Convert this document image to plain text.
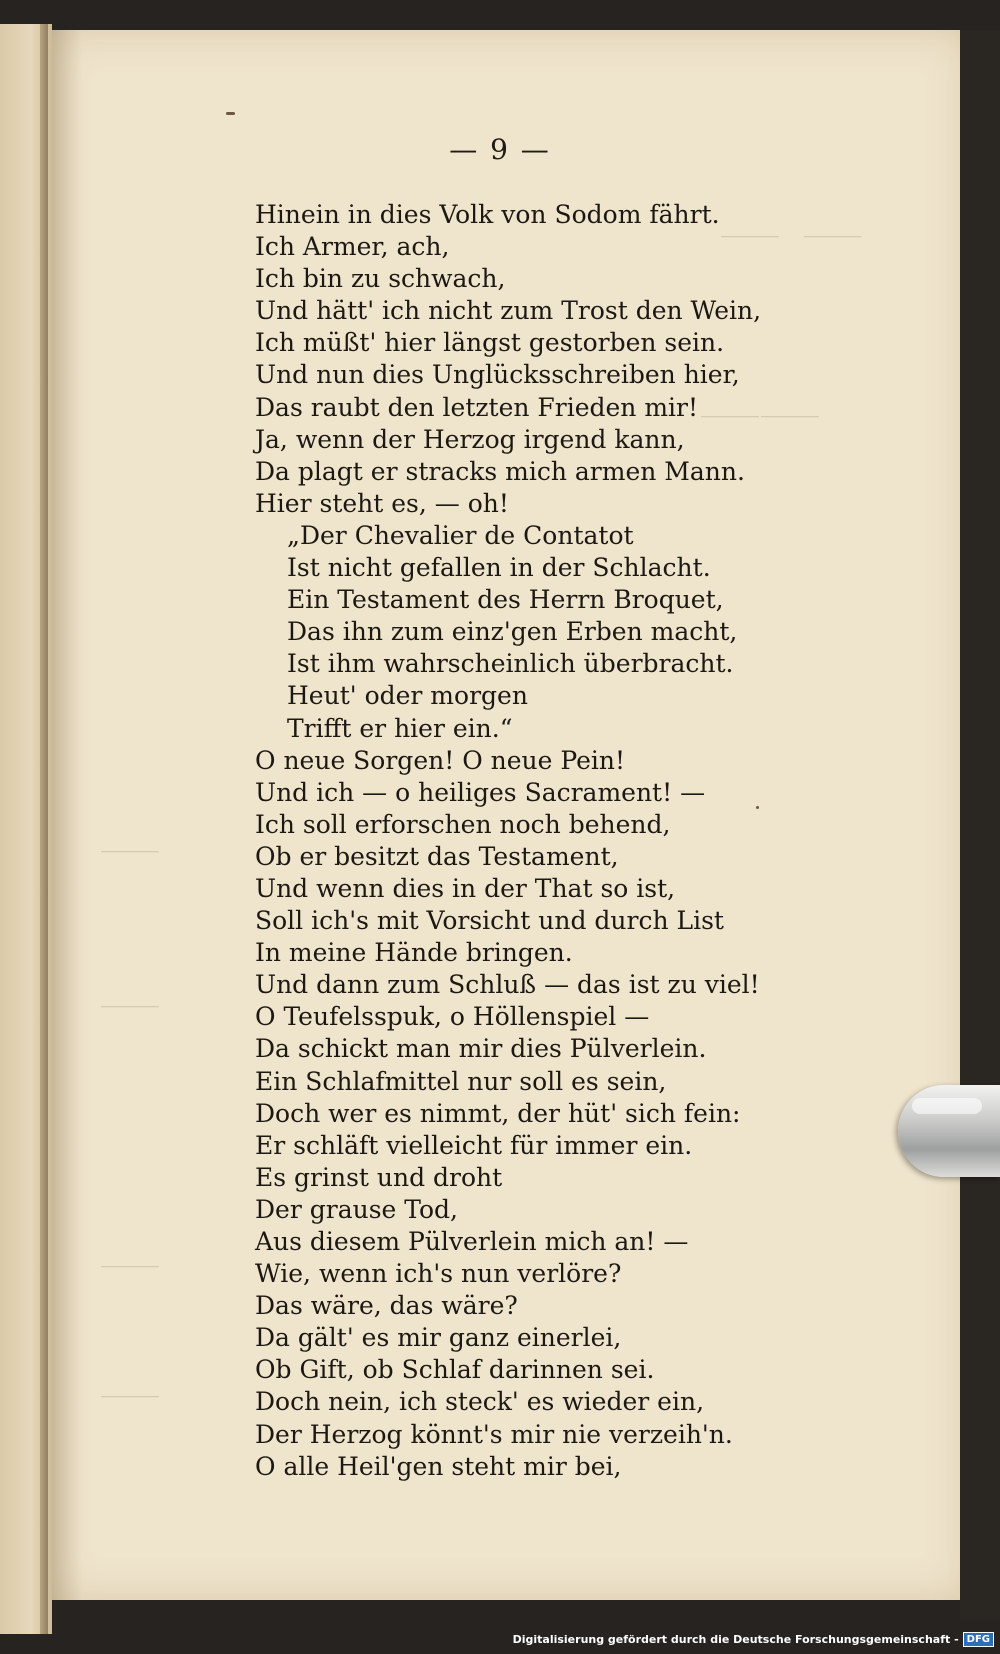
⸻   ⸻
⸻⸻
⸻
⸻
⸻
⸻
— 9 —
Hinein in dies Volk von Sodom fährt.
Ich Armer, ach,
Ich bin zu schwach,
Und hätt' ich nicht zum Trost den Wein,
Ich müßt' hier längst gestorben sein.
Und nun dies Unglücksschreiben hier,
Das raubt den letzten Frieden mir!
Ja, wenn der Herzog irgend kann,
Da plagt er stracks mich armen Mann.
Hier steht es, — oh!
„Der Chevalier de Contatot
Ist nicht gefallen in der Schlacht.
Ein Testament des Herrn Broquet,
Das ihn zum einz'gen Erben macht,
Ist ihm wahrscheinlich überbracht.
Heut' oder morgen
Trifft er hier ein.“
O neue Sorgen! O neue Pein!
Und ich — o heiliges Sacrament! —
Ich soll erforschen noch behend,
Ob er besitzt das Testament,
Und wenn dies in der That so ist,
Soll ich's mit Vorsicht und durch List
In meine Hände bringen.
Und dann zum Schluß — das ist zu viel!
O Teufelsspuk, o Höllenspiel —
Da schickt man mir dies Pülverlein.
Ein Schlafmittel nur soll es sein,
Doch wer es nimmt, der hüt' sich fein:
Er schläft vielleicht für immer ein.
Es grinst und droht
Der grause Tod,
Aus diesem Pülverlein mich an! —
Wie, wenn ich's nun verlöre?
Das wäre, das wäre?
Da gält' es mir ganz einerlei,
Ob Gift, ob Schlaf darinnen sei.
Doch nein, ich steck' es wieder ein,
Der Herzog könnt's mir nie verzeih'n.
O alle Heil'gen steht mir bei,
Digitalisierung gefördert durch die Deutsche Forschungsgemeinschaft - DFG
